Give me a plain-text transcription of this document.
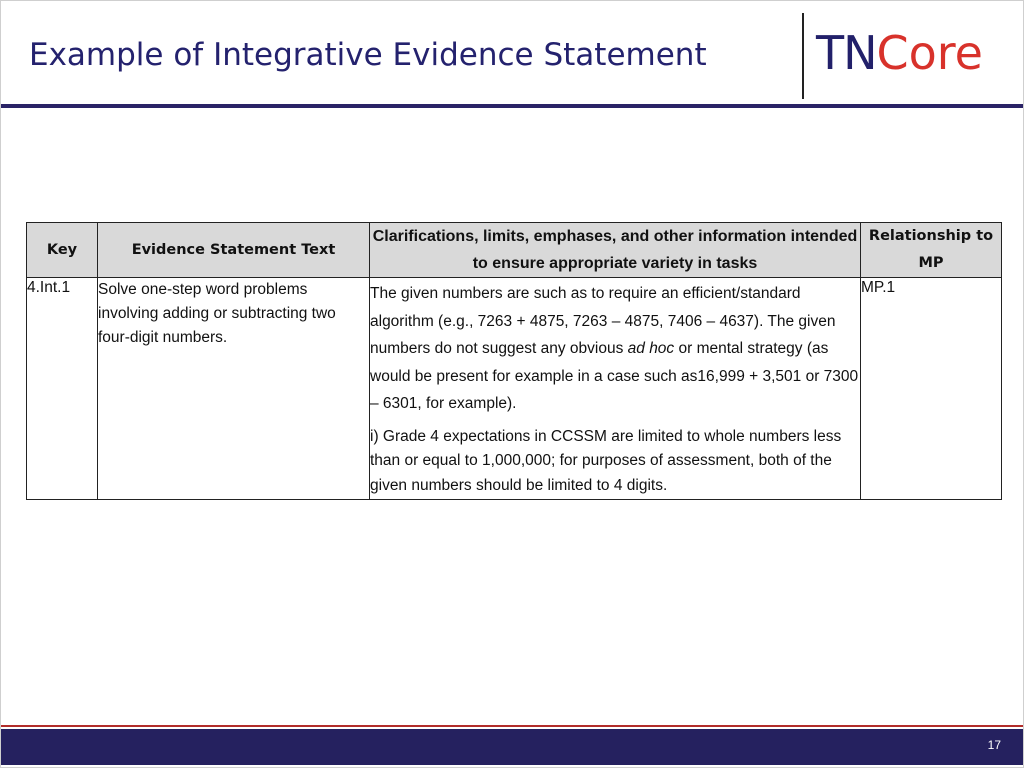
Example of Integrative Evidence Statement TNCore
Key	Evidence Statement Text	Clarifications, limits, emphases, and other information intended to ensure appropriate variety in tasks	Relationship to MP
4.Int.1	Solve one-step word problems involving adding or subtracting two four-digit numbers.	The given numbers are such as to require an efficient/standard algorithm (e.g., 7263 + 4875, 7263 – 4875, 7406 – 4637). The given numbers do not suggest any obvious ad hoc or mental strategy (as would be present for example in a case such as16,999 + 3,501 or 7300 – 6301, for example).

i) Grade 4 expectations in CCSSM are limited to whole numbers less than or equal to 1,000,000; for purposes of assessment, both of the given numbers should be limited to 4 digits.	MP.1
17
